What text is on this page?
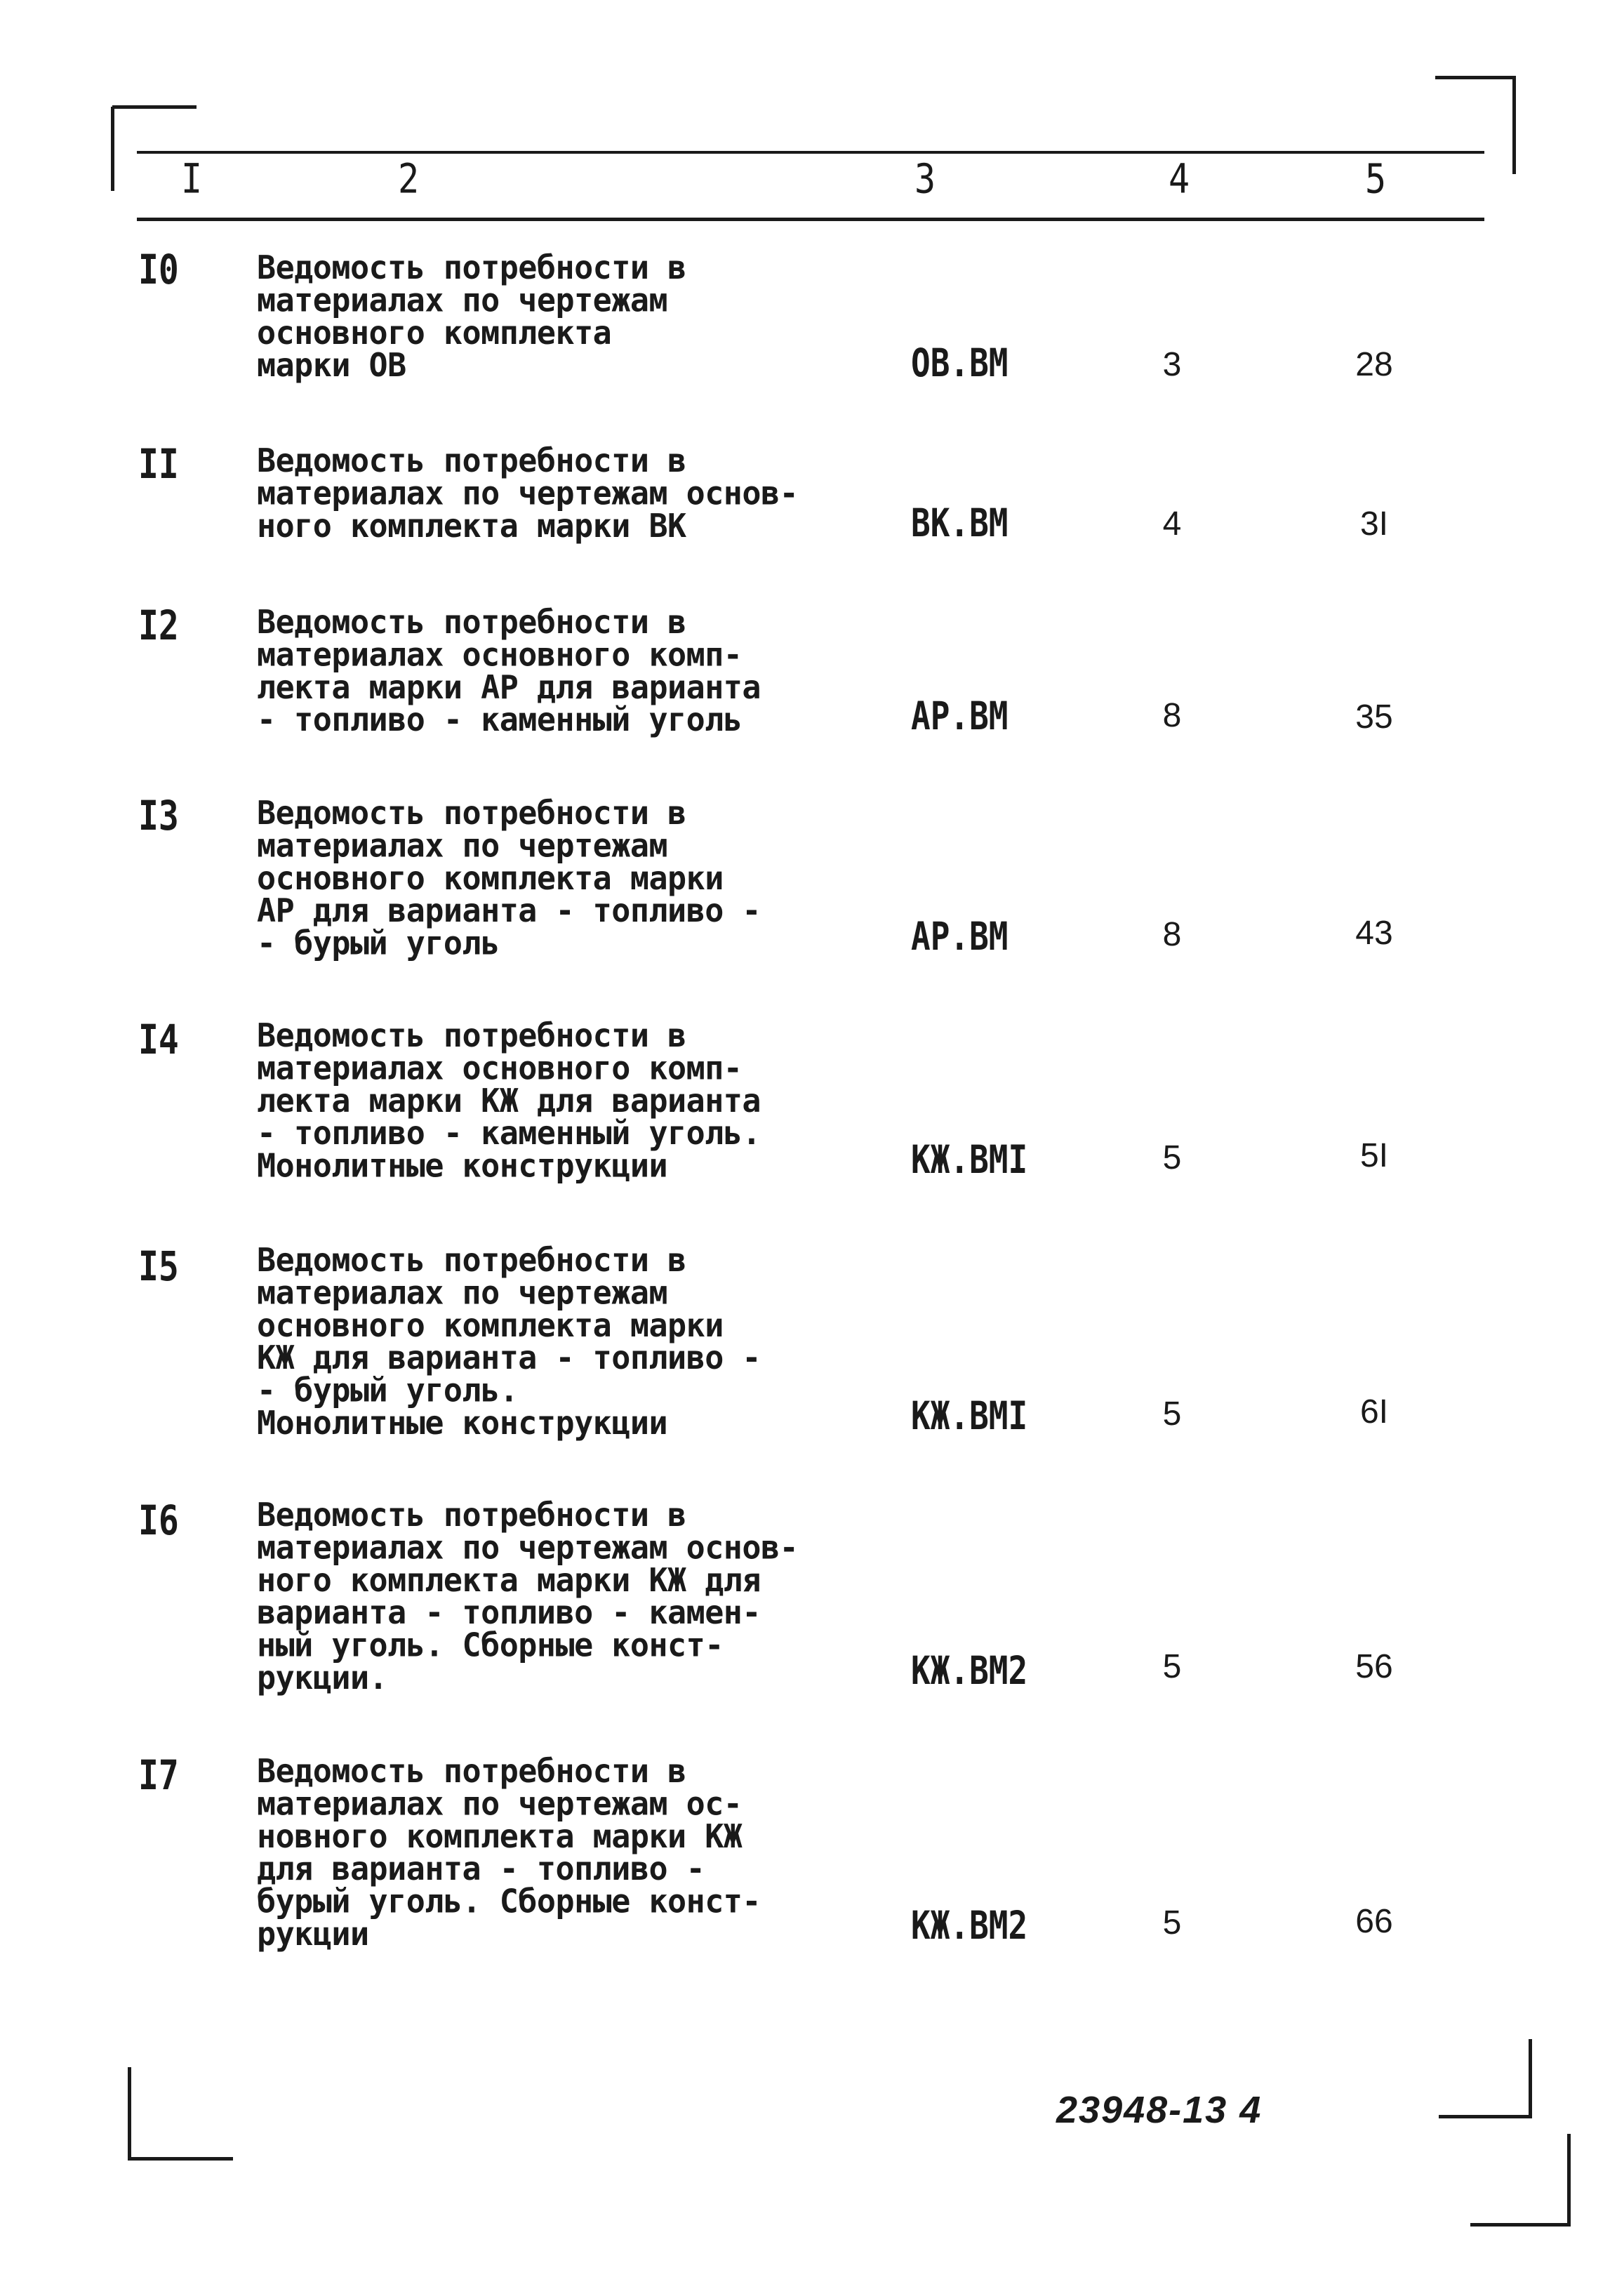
I	2	3	4	5
I0 Ведомость потребности в
материалах по чертежам
основного комплекта
марки ОВ	ОВ.ВМ	3	28
II Ведомость потребности в
материалах по чертежам основ-
ного комплекта марки ВК	ВК.ВМ	4	3I
I2 Ведомость потребности в
материалах основного комп-
лекта марки АР для варианта
- топливо - каменный уголь	АР.ВМ	8	35
I3 Ведомость потребности в
материалах по чертежам
основного комплекта марки
АР для варианта - топливо -
- бурый уголь	АР.ВМ	8	43
I4 Ведомость потребности в
материалах основного комп-
лекта марки КЖ для варианта
- топливо - каменный уголь.
Монолитные конструкции	КЖ.ВМI	5	5I
I5 Ведомость потребности в
материалах по чертежам
основного комплекта марки
КЖ для варианта - топливо -
- бурый уголь.
Монолитные конструкции	КЖ.ВМI	5	6I
I6 Ведомость потребности в
материалах по чертежам основ-
ного комплекта марки КЖ для
варианта - топливо - камен-
ный уголь. Сборные конст-
рукции.	КЖ.ВМ2	5	56
I7 Ведомость потребности в
материалах по чертежам ос-
новного комплекта марки КЖ
для варианта - топливо -
бурый уголь. Сборные конст-
рукции	КЖ.ВМ2	5	66
23948-13 4
